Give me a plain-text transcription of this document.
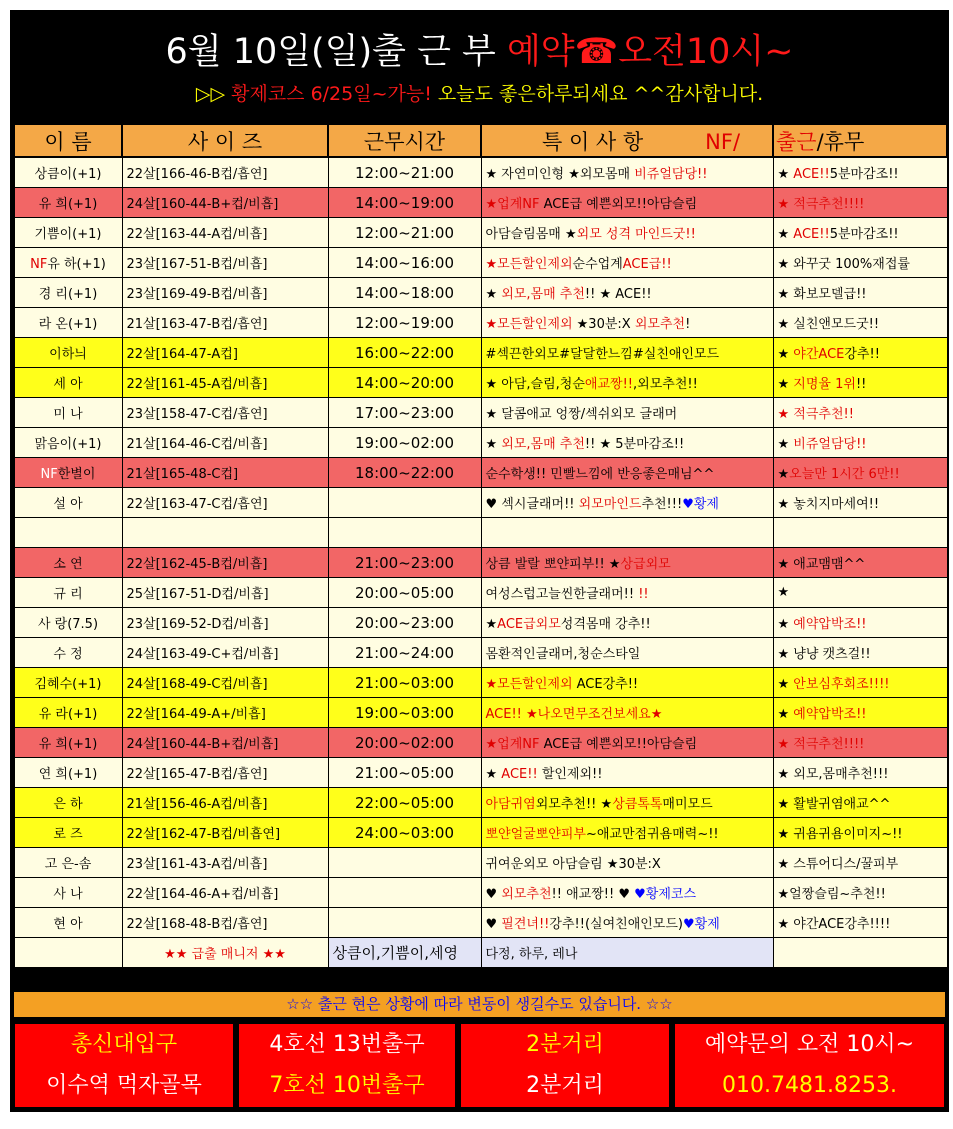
6월 10일(일)출 근 부 예약☎오전10시~
▷▷ 황제코스 6/25일~가능! 오늘도 좋은하루되세요 ^^감사합니다.
이 름	사 이 즈	근무시간	특 이 사 항 NF/	출근/휴무
상큼이(+1)	22살[166-46-B컵/흡연]	12:00~21:00	★ 자연미인형 ★외모몸매 비쥬얼담당!!	★ ACE!!5분마감조!!
유 희(+1)	24살[160-44-B+컵/비흡]	14:00~19:00	★업계NF ACE급 예쁜외모!!아담슬림	★ 적극추천!!!!
기쁨이(+1)	22살[163-44-A컵/비흡]	12:00~21:00	아담슬림몸매 ★외모 성격 마인드굿!!	★ ACE!!5분마감조!!
NF유 하(+1)	23살[167-51-B컵/비흡]	14:00~16:00	★모든할인제외순수업계ACE급!!	★ 와꾸굿 100%재접률
경 리(+1)	23살[169-49-B컵/비흡]	14:00~18:00	★ 외모,몸매 추천!! ★ ACE!!	★ 화보모델급!!
라 온(+1)	21살[163-47-B컵/흡연]	12:00~19:00	★모든할인제외 ★30분:X 외모추천!	★ 실친앤모드굿!!
이하늬	22살[164-47-A컵]	16:00~22:00	#섹끈한외모#달달한느낌#실친애인모드	★ 야간ACE강추!!
세 아	22살[161-45-A컵/비흡]	14:00~20:00	★ 아담,슬림,청순애교짱!!,외모추천!!	★ 지명율 1위!!
미 나	23살[158-47-C컵/흡연]	17:00~23:00	★ 달콤애교 엉짱/섹쉬외모 글래머	★ 적극추천!!
맑음이(+1)	21살[164-46-C컵/비흡]	19:00~02:00	★ 외모,몸매 추천!! ★ 5분마감조!!	★ 비쥬얼담당!!
NF한별이	21살[165-48-C컵]	18:00~22:00	순수학생!! 민빨느낌에 반응좋은매님^^	★오늘만 1시간 6만!!
설 아	22살[163-47-C컵/흡연]		♥ 섹시글래머!! 외모마인드추천!!!♥황제	★ 놓치지마세여!!

소 연	22살[162-45-B컵/비흡]	21:00~23:00	상큼 발랄 뽀얀피부!! ★상급외모	★ 애교맴맴^^
규 리	25살[167-51-D컵/비흡]	20:00~05:00	여성스럽고늘씬한글래머!! !!	★
사 랑(7.5)	23살[169-52-D컵/비흡]	20:00~23:00	★ACE급외모성격몸매 강추!!	★ 예약압박조!!
수 정	24살[163-49-C+컵/비흡]	21:00~24:00	몸환적인글래머,청순스타일	★ 냥냥 캣츠걸!!
김혜수(+1)	24살[168-49-C컵/비흡]	21:00~03:00	★모든할인제외 ACE강추!!	★ 안보심후회조!!!!
유 라(+1)	22살[164-49-A+/비흡]	19:00~03:00	ACE!! ★나오면무조건보세요★	★ 예약압박조!!
유 희(+1)	24살[160-44-B+컵/비흡]	20:00~02:00	★업계NF ACE급 예쁜외모!!아담슬림	★ 적극추천!!!!
연 희(+1)	22살[165-47-B컵/흡연]	21:00~05:00	★ ACE!! 할인제외!!	★ 외모,몸매추천!!!
은 하	21살[156-46-A컵/비흡]	22:00~05:00	아담귀염외모추천!! ★상큼톡톡매미모드	★ 활발귀염애교^^
로 즈	22살[162-47-B컵/비흡연]	24:00~03:00	뽀얀얼굴뽀얀피부~애교만점귀욤매력~!!	★ 귀욤귀욤이미지~!!
고 은-솜	23살[161-43-A컵/비흡]		귀여운외모 아담슬림 ★30분:X	★ 스튜어디스/꿀피부
사 나	22살[164-46-A+컵/비흡]		♥ 외모추천!! 애교짱!! ♥ ♥황제코스	★얼짱슬림~추천!!
현 아	22살[168-48-B컵/흡연]		♥ 필견녀!!강추!!(실여친애인모드)♥황제	★ 야간ACE강추!!!!
	★★ 급출 매니저 ★★	상큼이,기쁨이,세영	다정, 하루, 레나	
☆☆ 출근 현은 상황에 따라 변동이 생길수도 있습니다. ☆☆
총신대입구
이수역 먹자골목
4호선 13번출구
7호선 10번출구
2분거리
2분거리
예약문의 오전 10시~
010.7481.8253.
